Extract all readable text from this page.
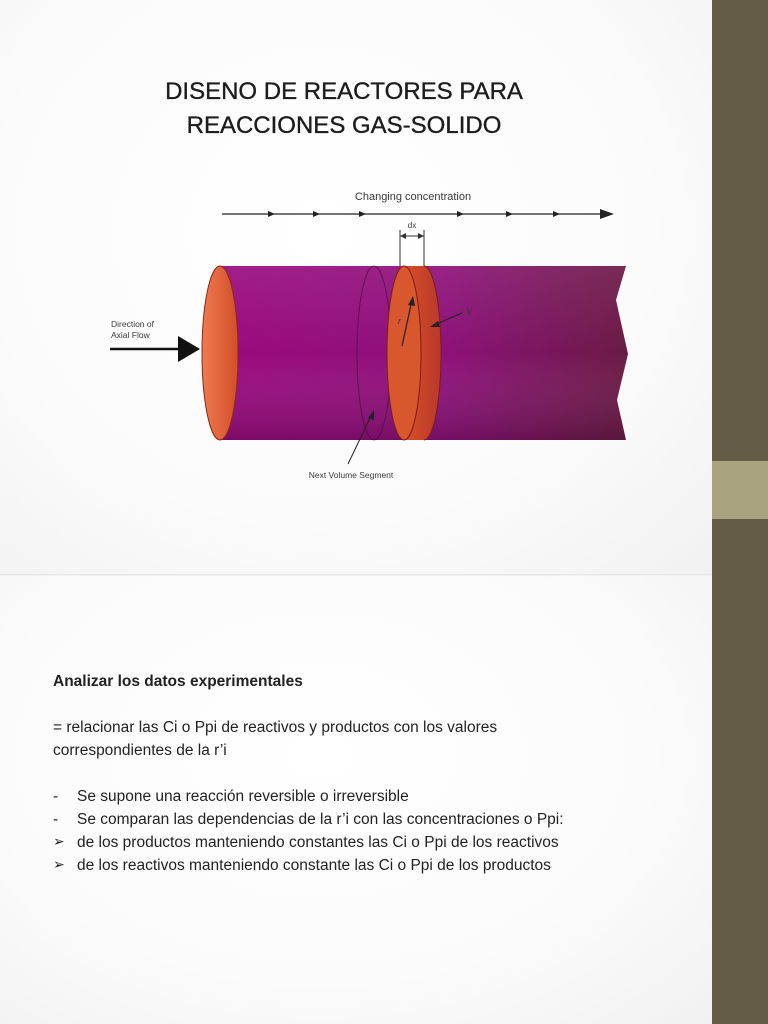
DISENO DE REACTORES PARA
REACCIONES GAS-SOLIDO
Changing concentration
dx
r
V
Direction of
Axial Flow
Next Volume Segment

Analizar los datos experimentales

= relacionar las Ci o Ppi de reactivos y productos con los valores

correspondientes de la r’i

-	Se supone una reacción reversible o irreversible
-	Se comparan las dependencias de la r’i con las concentraciones o Ppi:
➢ de los productos manteniendo constantes las Ci o Ppi de los reactivos
➢ de los reactivos manteniendo constante las Ci o Ppi de los productos
